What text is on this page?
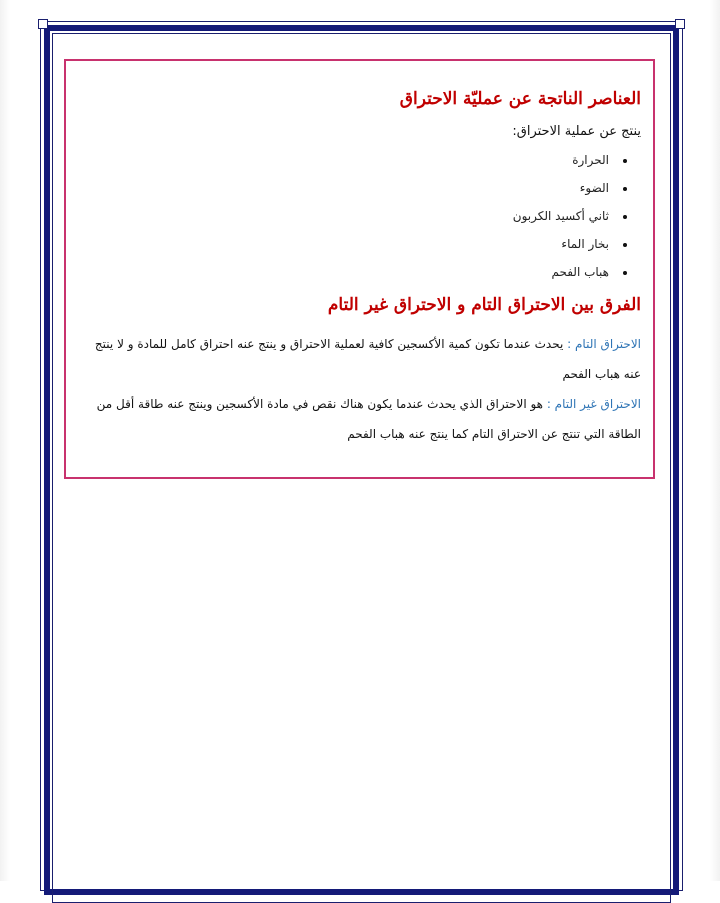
العناصر الناتجة عن عمليّة الاحتراق

ينتج عن عملية الاحتراق:

الحرارة
الضوء
ثاني أكسيد الكربون
بخار الماء
هباب الفحم
الفرق بين الاحتراق التام و الاحتراق غير التام

الاحتراق التام : يحدث عندما تكون كمية الأكسجين كافية لعملية الاحتراق و ينتج عنه احتراق كامل للمادة و لا ينتج عنه هباب الفحم

الاحتراق غير التام : هو الاحتراق الذي يحدث عندما يكون هناك نقص في مادة الأكسجين وينتج عنه طاقة أقل من الطاقة التي تنتج عن الاحتراق التام كما ينتج عنه هباب الفحم
